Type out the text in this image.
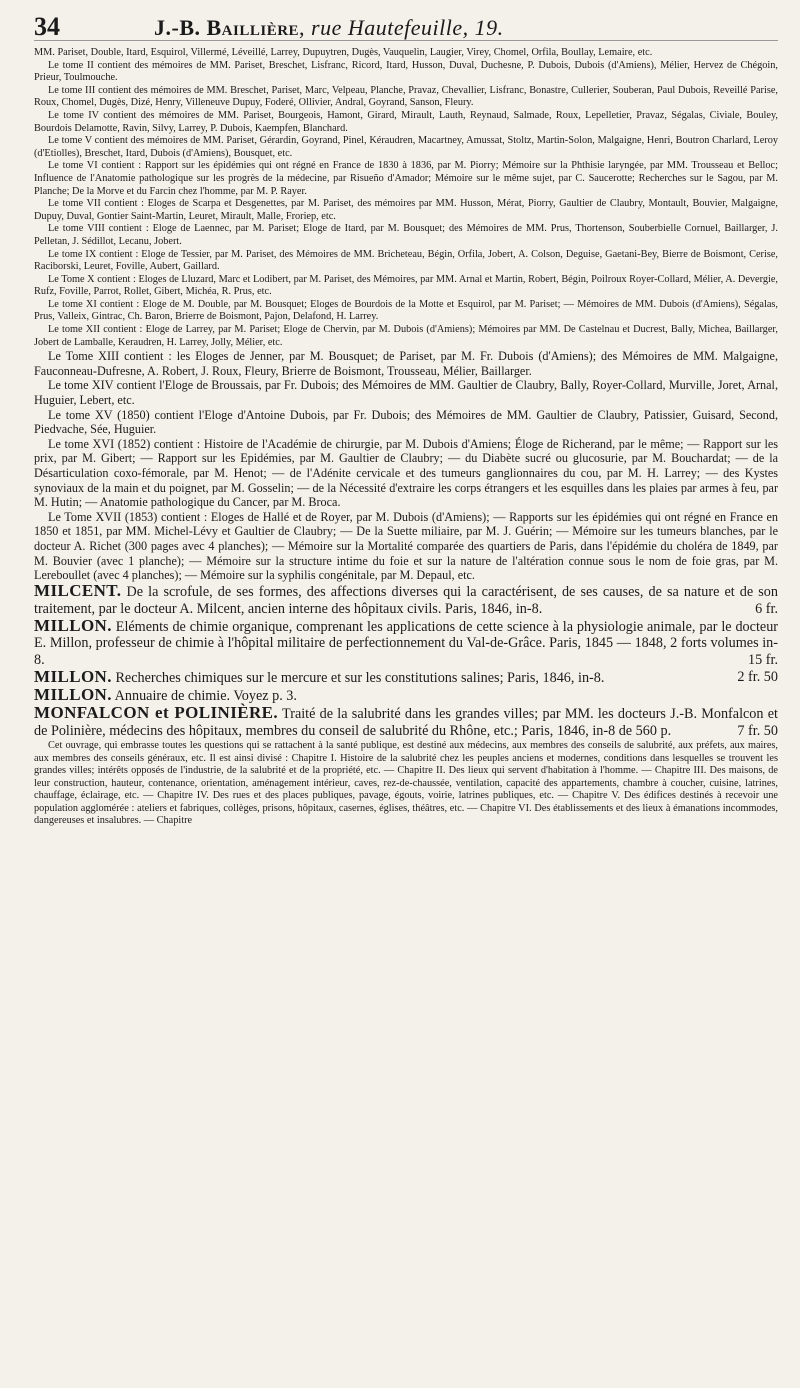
34	J.-B. Baillière, rue Hautefeuille, 19.

MM. Pariset, Double, Itard, Esquirol, Villermé, Léveillé, Larrey, Dupuytren, Dugès, Vauquelin, Laugier, Virey, Chomel, Orfila, Boullay, Lemaire, etc.

Le tome II contient des mémoires de MM. Pariset, Breschet, Lisfranc, Ricord, Itard, Husson, Duval, Duchesne, P. Dubois, Dubois (d'Amiens), Mélier, Hervez de Chégoin, Prieur, Toulmouche.

Le tome III contient des mémoires de MM. Breschet, Pariset, Marc, Velpeau, Planche, Pravaz, Chevallier, Lisfranc, Bonastre, Cullerier, Souberan, Paul Dubois, Reveillé Parise, Roux, Chomel, Dugès, Dizé, Henry, Villeneuve Dupuy, Foderé, Ollivier, Andral, Goyrand, Sanson, Fleury.

Le tome IV contient des mémoires de MM. Pariset, Bourgeois, Hamont, Girard, Mirault, Lauth, Reynaud, Salmade, Roux, Lepelletier, Pravaz, Ségalas, Civiale, Bouley, Bourdois Delamotte, Ravin, Silvy, Larrey, P. Dubois, Kaempfen, Blanchard.

Le tome V contient des mémoires de MM. Pariset, Gérardin, Goyrand, Pinel, Kéraudren, Macartney, Amussat, Stoltz, Martin-Solon, Malgaigne, Henri, Boutron Charlard, Leroy (d'Etiolles), Breschet, Itard, Dubois (d'Amiens), Bousquet, etc.

Le tome VI contient : Rapport sur les épidémies qui ont régné en France de 1830 à 1836, par M. Piorry; Mémoire sur la Phthisie laryngée, par MM. Trousseau et Belloc; Influence de l'Anatomie pathologique sur les progrès de la médecine, par Risueño d'Amador; Mémoire sur le même sujet, par C. Saucerotte; Recherches sur le Sagou, par M. Planche; De la Morve et du Farcin chez l'homme, par M. P. Rayer.

Le tome VII contient : Eloges de Scarpa et Desgenettes, par M. Pariset, des mémoires par MM. Husson, Mérat, Piorry, Gaultier de Claubry, Montault, Bouvier, Malgaigne, Dupuy, Duval, Gontier Saint-Martin, Leuret, Mirault, Malle, Froriep, etc.

Le tome VIII contient : Eloge de Laennec, par M. Pariset; Eloge de Itard, par M. Bousquet; des Mémoires de MM. Prus, Thortenson, Souberbielle Cornuel, Baillarger, J. Pelletan, J. Sédillot, Lecanu, Jobert.

Le tome IX contient : Eloge de Tessier, par M. Pariset, des Mémoires de MM. Bricheteau, Bégin, Orfila, Jobert, A. Colson, Deguise, Gaetani-Bey, Bierre de Boismont, Cerise, Raciborski, Leuret, Foville, Aubert, Gaillard.

Le Tome X contient : Eloges de Lluzard, Marc et Lodibert, par M. Pariset, des Mémoires, par MM. Arnal et Martin, Robert, Bégin, Poilroux Royer-Collard, Mélier, A. Devergie, Rufz, Foville, Parrot, Rollet, Gibert, Michéa, R. Prus, etc.

Le tome XI contient : Eloge de M. Double, par M. Bousquet; Eloges de Bourdois de la Motte et Esquirol, par M. Pariset; — Mémoires de MM. Dubois (d'Amiens), Ségalas, Prus, Valleix, Gintrac, Ch. Baron, Brierre de Boismont, Pajon, Delafond, H. Larrey.

Le tome XII contient : Eloge de Larrey, par M. Pariset; Eloge de Chervin, par M. Dubois (d'Amiens); Mémoires par MM. De Castelnau et Ducrest, Bally, Michea, Baillarger, Jobert de Lamballe, Keraudren, H. Larrey, Jolly, Mélier, etc.

Le Tome XIII contient : les Eloges de Jenner, par M. Bousquet; de Pariset, par M. Fr. Dubois (d'Amiens); des Mémoires de MM. Malgaigne, Fauconneau-Dufresne, A. Robert, J. Roux, Fleury, Brierre de Boismont, Trousseau, Mélier, Baillarger.

Le tome XIV contient l'Eloge de Broussais, par Fr. Dubois; des Mémoires de MM. Gaultier de Claubry, Bally, Royer-Collard, Murville, Joret, Arnal, Huguier, Lebert, etc.

Le tome XV (1850) contient l'Eloge d'Antoine Dubois, par Fr. Dubois; des Mémoires de MM. Gaultier de Claubry, Patissier, Guisard, Second, Piedvache, Sée, Huguier.

Le tome XVI (1852) contient : Histoire de l'Académie de chirurgie, par M. Dubois d'Amiens; Éloge de Richerand, par le même; — Rapport sur les prix, par M. Gibert; — Rapport sur les Epidémies, par M. Gaultier de Claubry; — du Diabète sucré ou glucosurie, par M. Bouchardat; — de la Désarticulation coxo-fémorale, par M. Henot; — de l'Adénite cervicale et des tumeurs ganglionnaires du cou, par M. H. Larrey; — des Kystes synoviaux de la main et du poignet, par M. Gosselin; — de la Nécessité d'extraire les corps étrangers et les esquilles dans les plaies par armes à feu, par M. Hutin; — Anatomie pathologique du Cancer, par M. Broca.

Le Tome XVII (1853) contient : Eloges de Hallé et de Royer, par M. Dubois (d'Amiens); — Rapports sur les épidémies qui ont régné en France en 1850 et 1851, par MM. Michel-Lévy et Gaultier de Claubry; — De la Suette miliaire, par M. J. Guérin; — Mémoire sur les tumeurs blanches, par le docteur A. Richet (300 pages avec 4 planches); — Mémoire sur la Mortalité comparée des quartiers de Paris, dans l'épidémie du choléra de 1849, par M. Bouvier (avec 1 planche); — Mémoire sur la structure intime du foie et sur la nature de l'altération connue sous le nom de foie gras, par M. Lereboullet (avec 4 planches); — Mémoire sur la syphilis congénitale, par M. Depaul, etc.

MILCENT. De la scrofule, de ses formes, des affections diverses qui la caractérisent, de ses causes, de sa nature et de son traitement, par le docteur A. Milcent, ancien interne des hôpitaux civils. Paris, 1846, in-8.	6 fr.

MILLON. Eléments de chimie organique, comprenant les applications de cette science à la physiologie animale, par le docteur E. Millon, professeur de chimie à l'hôpital militaire de perfectionnement du Val-de-Grâce. Paris, 1845 — 1848, 2 forts volumes in-8.	15 fr.

MILLON. Recherches chimiques sur le mercure et sur les constitutions salines; Paris, 1846, in-8.	2 fr. 50

MILLON. Annuaire de chimie. Voyez p. 3.

MONFALCON et POLINIÈRE. Traité de la salubrité dans les grandes villes; par MM. les docteurs J.-B. Monfalcon et de Polinière, médecins des hôpitaux, membres du conseil de salubrité du Rhône, etc.; Paris, 1846, in-8 de 560 p.	7 fr. 50

Cet ouvrage, qui embrasse toutes les questions qui se rattachent à la santé publique, est destiné aux médecins, aux membres des conseils de salubrité, aux préfets, aux maires, aux membres des conseils généraux, etc. Il est ainsi divisé : Chapitre I. Histoire de la salubrité chez les peuples anciens et modernes, conditions dans lesquelles se trouvent les grandes villes; intérêts opposés de l'industrie, de la salubrité et de la propriété, etc. — Chapitre II. Des lieux qui servent d'habitation à l'homme. — Chapitre III. Des maisons, de leur construction, hauteur, contenance, orientation, aménagement intérieur, caves, rez-de-chaussée, ventilation, capacité des appartements, chambre à coucher, cuisine, latrines, chauffage, éclairage, etc. — Chapitre IV. Des rues et des places publiques, pavage, égouts, voirie, latrines publiques, etc. — Chapitre V. Des édifices destinés à recevoir une population agglomérée : ateliers et fabriques, collèges, prisons, hôpitaux, casernes, églises, théâtres, etc. — Chapitre VI. Des établissements et des lieux à émanations incommodes, dangereuses et insalubres. — Chapitre
